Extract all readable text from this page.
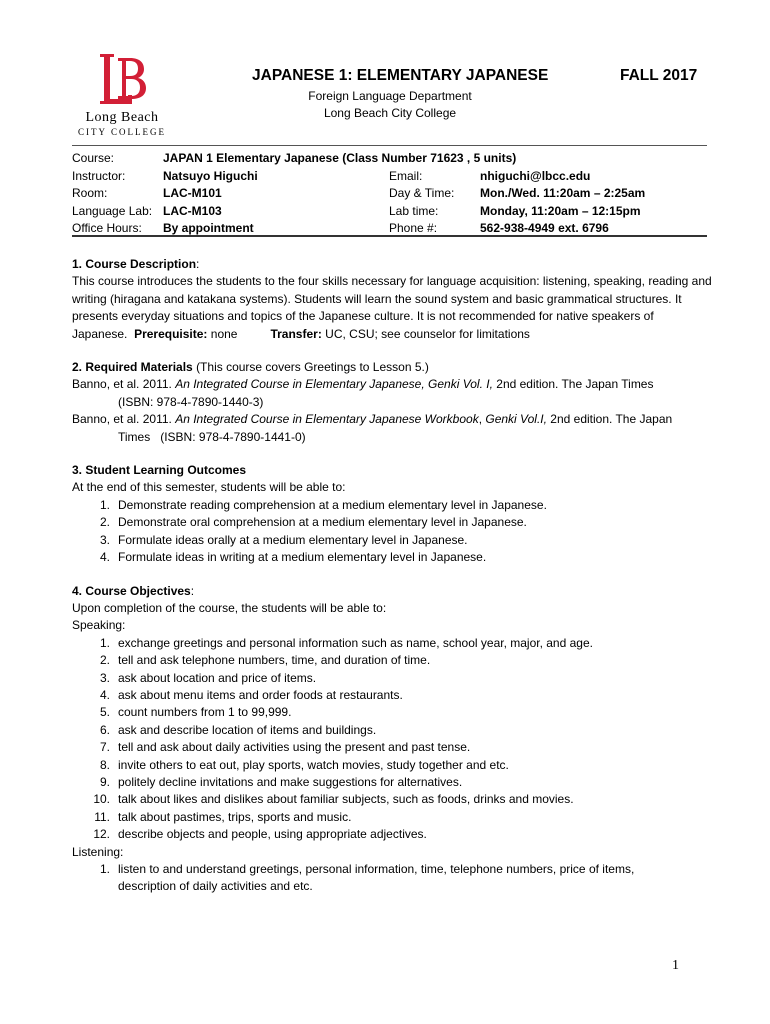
Long Beach
CITY COLLEGE
JAPANESE 1: ELEMENTARY JAPANESE	FALL 2017
Foreign Language Department
Long Beach City College
Course:	JAPAN 1 Elementary Japanese (Class Number 71623 , 5 units)
Instructor:	Natsuyo Higuchi	Email:	nhiguchi@lbcc.edu
Room:	LAC-M101	Day & Time: Mon./Wed. 11:20am – 2:25am
Language Lab: LAC-M103	Lab time:	Monday, 11:20am – 12:15pm
Office Hours: By appointment	Phone #:	562-938-4949 ext. 6796

1. Course Description:

This course introduces the students to the four skills necessary for language acquisition: listening, speaking, reading and writing (hiragana and katakana systems). Students will learn the sound system and basic grammatical structures. It presents everyday situations and topics of the Japanese culture. It is not recommended for native speakers of Japanese. Prerequisite: none	Transfer: UC, CSU; see counselor for limitations

2. Required Materials (This course covers Greetings to Lesson 5.)

Banno, et al. 2011. An Integrated Course in Elementary Japanese, Genki Vol. I, 2nd edition. The Japan Times

(ISBN: 978-4-7890-1440-3)

Banno, et al. 2011. An Integrated Course in Elementary Japanese Workbook, Genki Vol.I, 2nd edition. The Japan

Times   (ISBN: 978-4-7890-1441-0)

3. Student Learning Outcomes

At the end of this semester, students will be able to:

1. Demonstrate reading comprehension at a medium elementary level in Japanese.
2. Demonstrate oral comprehension at a medium elementary level in Japanese.
3. Formulate ideas orally at a medium elementary level in Japanese.
4. Formulate ideas in writing at a medium elementary level in Japanese.

4. Course Objectives:

Upon completion of the course, the students will be able to:

Speaking:

1. exchange greetings and personal information such as name, school year, major, and age.
2. tell and ask telephone numbers, time, and duration of time.
3. ask about location and price of items.
4. ask about menu items and order foods at restaurants.
5. count numbers from 1 to 99,999.
6. ask and describe location of items and buildings.
7. tell and ask about daily activities using the present and past tense.
8. invite others to eat out, play sports, watch movies, study together and etc.
9. politely decline invitations and make suggestions for alternatives.
10. talk about likes and dislikes about familiar subjects, such as foods, drinks and movies.
11. talk about pastimes, trips, sports and music.
12. describe objects and people, using appropriate adjectives.

Listening:

1. listen to and understand greetings, personal information, time, telephone numbers, price of items,
description of daily activities and etc.
1
